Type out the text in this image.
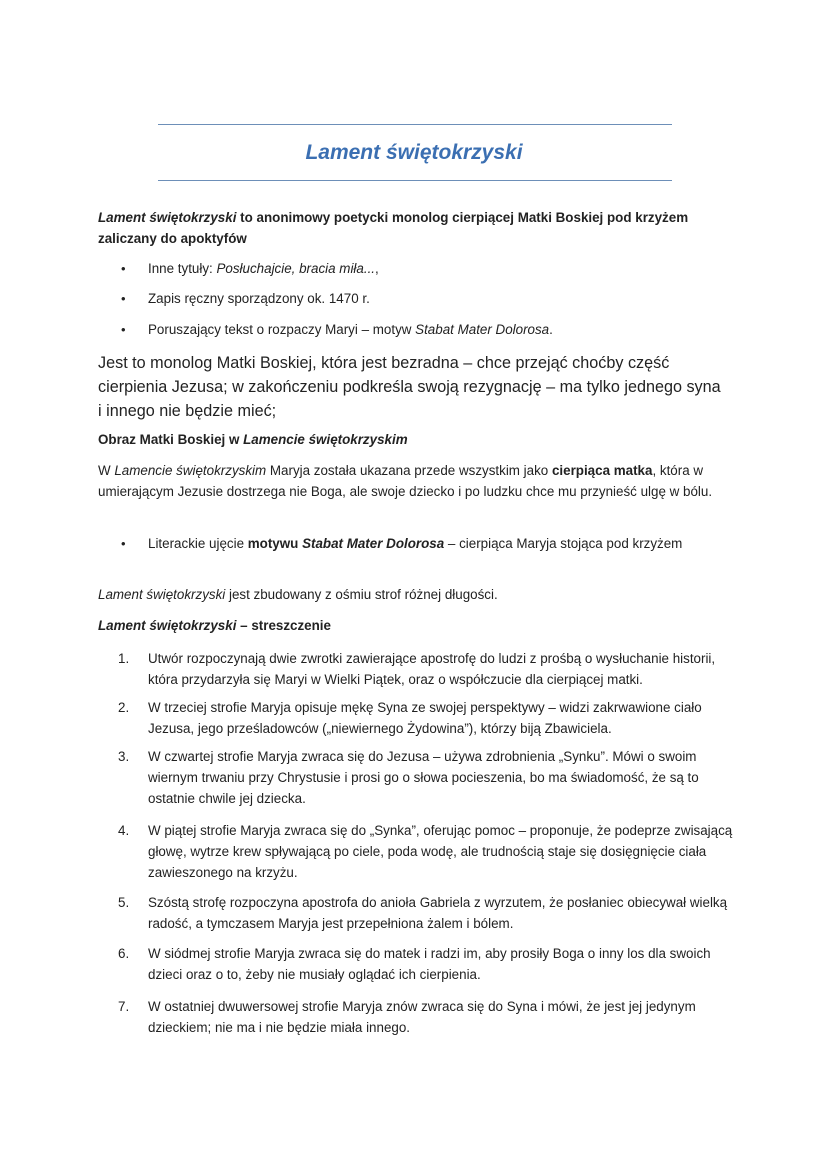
Lament świętokrzyski
Lament świętokrzyski to anonimowy poetycki monolog cierpiącej Matki Boskiej pod krzyżem zaliczany do apoktyfów
• Inne tytuły: Posłuchajcie, bracia miła...,
• Zapis ręczny sporządzony ok. 1470 r.
• Poruszający tekst o rozpaczy Maryi – motyw Stabat Mater Dolorosa.
Jest to monolog Matki Boskiej, która jest bezradna – chce przejąć choćby część cierpienia Jezusa; w zakończeniu podkreśla swoją rezygnację – ma tylko jednego syna i innego nie będzie mieć;
Obraz Matki Boskiej w Lamencie świętokrzyskim
W Lamencie świętokrzyskim Maryja została ukazana przede wszystkim jako cierpiąca matka, która w umierającym Jezusie dostrzega nie Boga, ale swoje dziecko i po ludzku chce mu przynieść ulgę w bólu.
• Literackie ujęcie motywu Stabat Mater Dolorosa – cierpiąca Maryja stojąca pod krzyżem
Lament świętokrzyski jest zbudowany z ośmiu strof różnej długości.
Lament świętokrzyski – streszczenie
1.	Utwór rozpoczynają dwie zwrotki zawierające apostrofę do ludzi z prośbą o wysłuchanie historii, która przydarzyła się Maryi w Wielki Piątek, oraz o współczucie dla cierpiącej matki.
2.	W trzeciej strofie Maryja opisuje mękę Syna ze swojej perspektywy – widzi zakrwawione ciało Jezusa, jego prześladowców („niewiernego Żydowina”), którzy biją Zbawiciela.
3.	W czwartej strofie Maryja zwraca się do Jezusa – używa zdrobnienia „Synku”. Mówi o swoim wiernym trwaniu przy Chrystusie i prosi go o słowa pocieszenia, bo ma świadomość, że są to ostatnie chwile jej dziecka.
4.	W piątej strofie Maryja zwraca się do „Synka”, oferując pomoc – proponuje, że podeprze zwisającą głowę, wytrze krew spływającą po ciele, poda wodę, ale trudnością staje się dosięgnięcie ciała zawieszonego na krzyżu.
5.	Szóstą strofę rozpoczyna apostrofa do anioła Gabriela z wyrzutem, że posłaniec obiecywał wielką radość, a tymczasem Maryja jest przepełniona żalem i bólem.
6.	W siódmej strofie Maryja zwraca się do matek i radzi im, aby prosiły Boga o inny los dla swoich dzieci oraz o to, żeby nie musiały oglądać ich cierpienia.
7.	W ostatniej dwuwersowej strofie Maryja znów zwraca się do Syna i mówi, że jest jej jedynym dzieckiem; nie ma i nie będzie miała innego.
